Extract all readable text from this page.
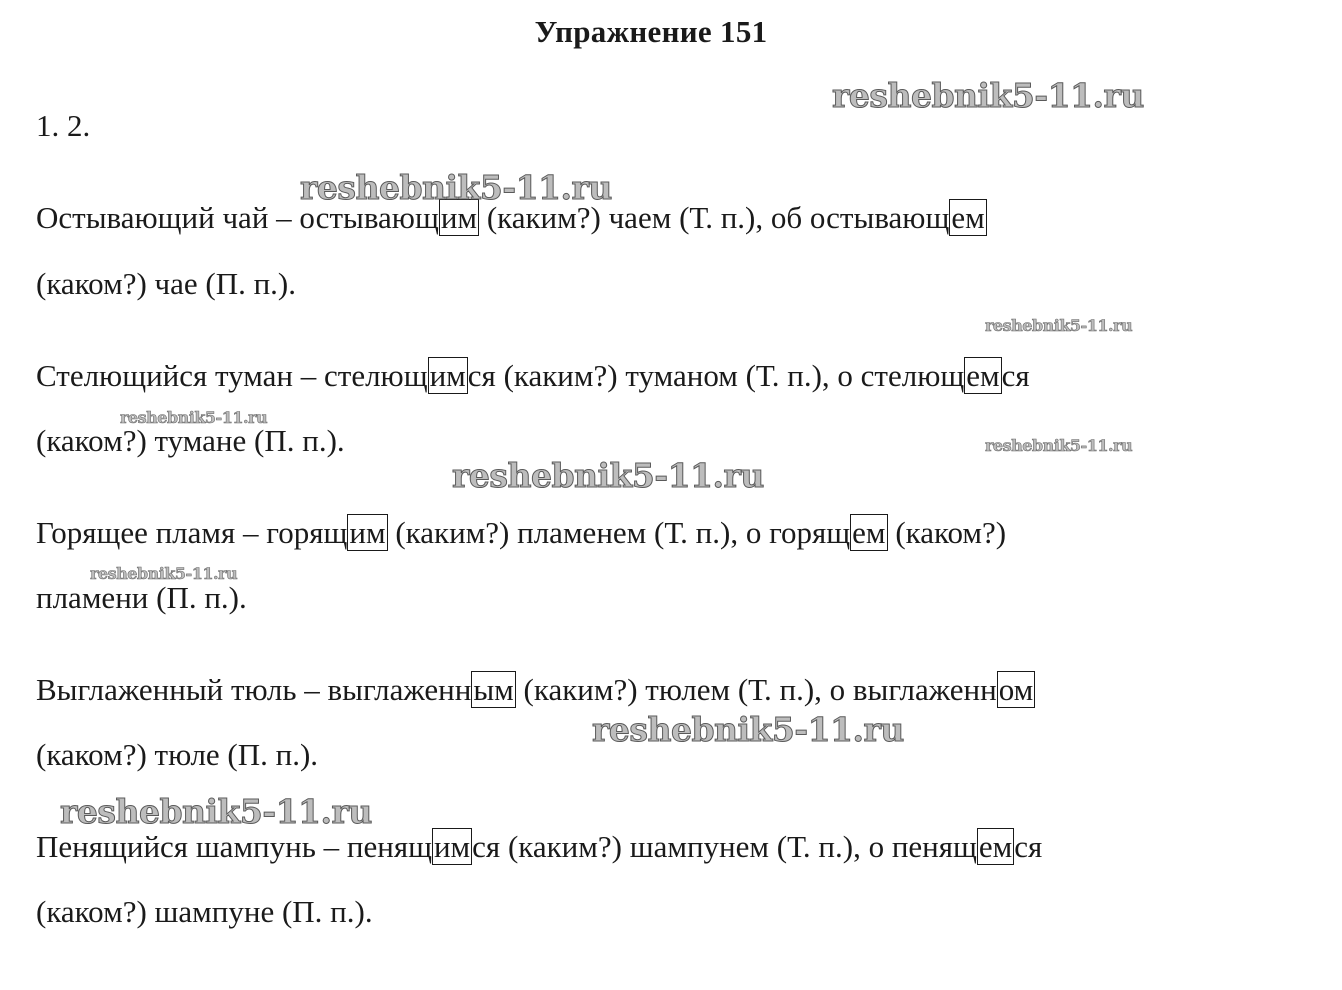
Упражнение 151
1. 2.
Остывающий чай – остывающим (каким?) чаем (Т. п.), об остывающем
(каком?) чае (П. п.).
Стелющийся туман – стелющимся (каким?) туманом (Т. п.), о стелющемся
(каком?) тумане (П. п.).
Горящее пламя – горящим (каким?) пламенем (Т. п.), о горящем (каком?)
пламени (П. п.).
Выглаженный тюль – выглаженным (каким?) тюлем (Т. п.), о выглаженном
(каком?) тюле (П. п.).
Пенящийся шампунь – пенящимся (каким?) шампунем (Т. п.), о пенящемся
(каком?) шампуне (П. п.).
reshebnik5-11.ru
reshebnik5-11.ru
reshebnik5-11.ru
reshebnik5-11.ru
reshebnik5-11.ru
reshebnik5-11.ru
reshebnik5-11.ru
reshebnik5-11.ru
reshebnik5-11.ru
